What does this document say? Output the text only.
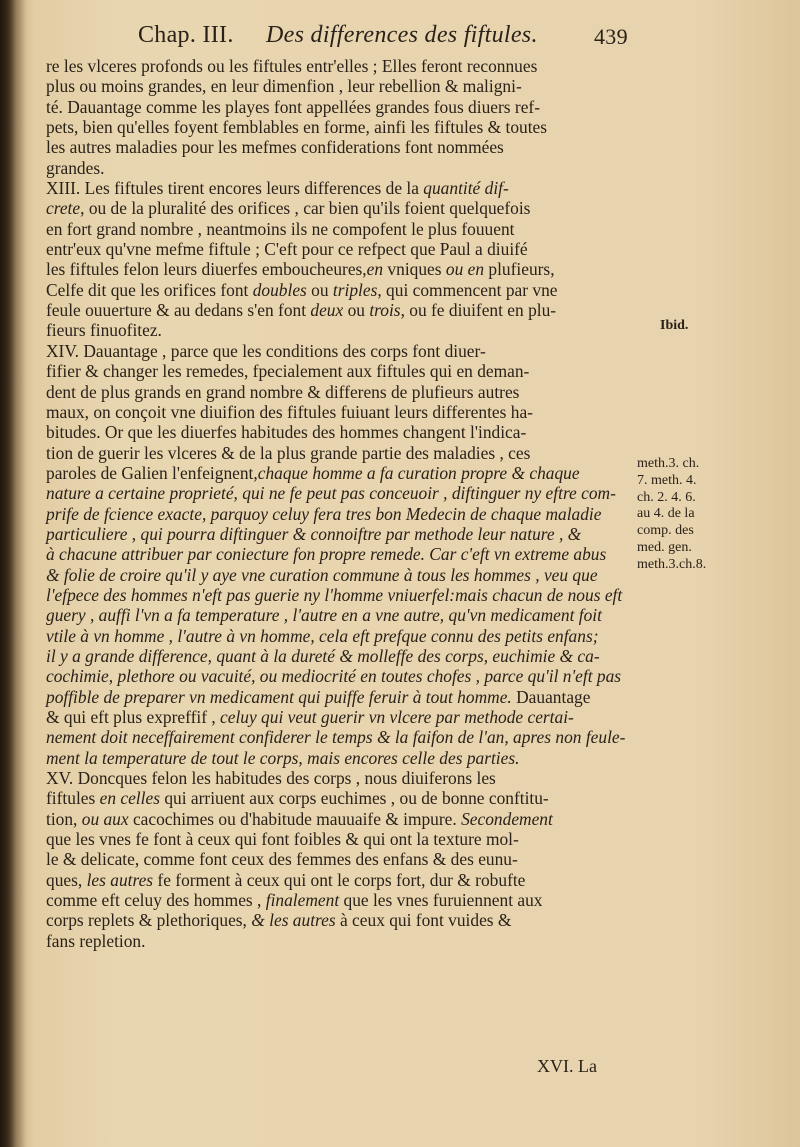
Chap. III. Des differences des fiftules.	439
re les vlceres profonds ou les fiftules entr'elles ; Elles feront reconnues
plus ou moins grandes, en leur dimenfion , leur rebellion & maligni-
té. Dauantage comme les playes font appellées grandes fous diuers ref-
pets, bien qu'elles foyent femblables en forme, ainfi les fiftules & toutes
les autres maladies pour les mefmes confiderations font nommées
grandes.
XIII. Les fiftules tirent encores leurs differences de la quantité dif-
crete, ou de la pluralité des orifices , car bien qu'ils foient quelquefois
en fort grand nombre , neantmoins ils ne compofent le plus fouuent
entr'eux qu'vne mefme fiftule ; C'eft pour ce refpect que Paul a diuifé
les fiftules felon leurs diuerfes emboucheures,en vniques ou en plufieurs,
Celfe dit que les orifices font doubles ou triples, qui commencent par vne
feule ouuerture & au dedans s'en font deux ou trois, ou fe diuifent en plu-
fieurs finuofitez.
XIV. Dauantage , parce que les conditions des corps font diuer-
fifier & changer les remedes, fpecialement aux fiftules qui en deman-
dent de plus grands en grand nombre & differens de plufieurs autres
maux, on conçoit vne diuifion des fiftules fuiuant leurs differentes ha-
bitudes. Or que les diuerfes habitudes des hommes changent l'indica-
tion de guerir les vlceres & de la plus grande partie des maladies , ces
paroles de Galien l'enfeignent,chaque homme a fa curation propre & chaque
nature a certaine proprieté, qui ne fe peut pas conceuoir , diftinguer ny eftre com-
prife de fcience exacte, parquoy celuy fera tres bon Medecin de chaque maladie
particuliere , qui pourra diftinguer & connoiftre par methode leur nature , &
à chacune attribuer par coniecture fon propre remede. Car c'eft vn extreme abus
& folie de croire qu'il y aye vne curation commune à tous les hommes , veu que
l'efpece des hommes n'eft pas guerie ny l'homme vniuerfel:mais chacun de nous eft
guery , auffi l'vn a fa temperature , l'autre en a vne autre, qu'vn medicament foit
vtile à vn homme , l'autre à vn homme, cela eft prefque connu des petits enfans;
il y a grande difference, quant à la dureté & molleffe des corps, euchimie & ca-
cochimie, plethore ou vacuité, ou mediocrité en toutes chofes , parce qu'il n'eft pas
poffible de preparer vn medicament qui puiffe feruir à tout homme. Dauantage
& qui eft plus expreffif , celuy qui veut guerir vn vlcere par methode certai-
nement doit neceffairement confiderer le temps & la faifon de l'an, apres non feule-
ment la temperature de tout le corps, mais encores celle des parties.
XV. Doncques felon les habitudes des corps , nous diuiferons les
fiftules en celles qui arriuent aux corps euchimes , ou de bonne conftitu-
tion, ou aux cacochimes ou d'habitude mauuaife & impure. Secondement
que les vnes fe font à ceux qui font foibles & qui ont la texture mol-
le & delicate, comme font ceux des femmes des enfans & des eunu-
ques, les autres fe forment à ceux qui ont le corps fort, dur & robufte
comme eft celuy des hommes , finalement que les vnes furuiennent aux
corps replets & plethoriques, & les autres à ceux qui font vuides &
fans repletion.
Ibid.
meth.3. ch.
7. meth. 4.
ch. 2. 4. 6.
au 4. de la
comp. des
med. gen.
meth.3.ch.8.
XVI. La
